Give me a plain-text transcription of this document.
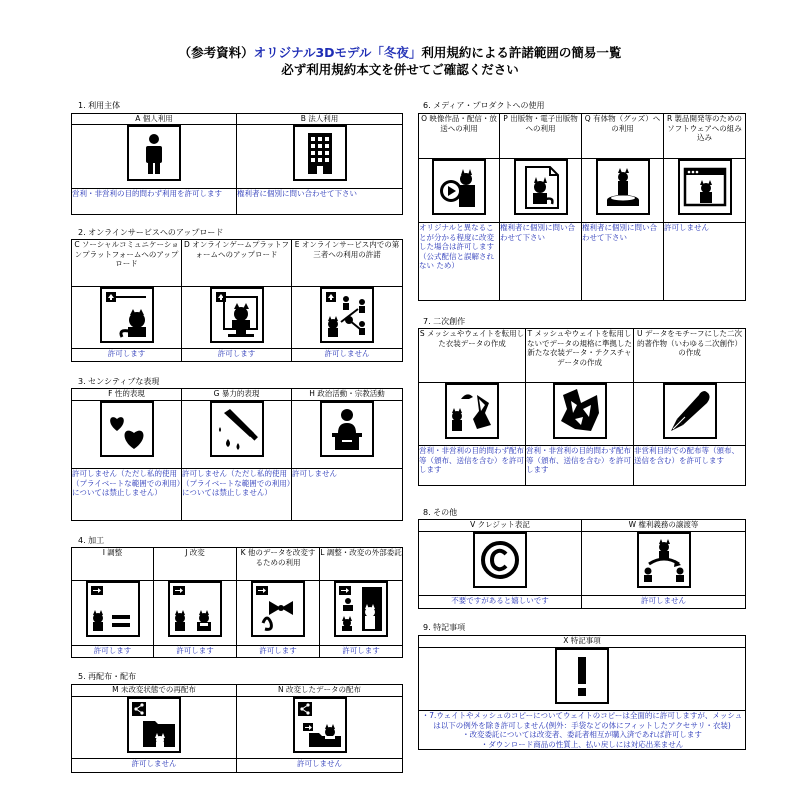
（参考資料）オリジナル3Dモデル「冬夜」利用規約による許諾範囲の簡易一覧
必ず利用規約本文を併せてご確認ください
1. 利用主体
A 個人利用	B 法人利用

営利・非営利の目的問わず利用を許可します	権利者に個別に問い合わせて下さい
2. オンラインサービスへのアップロード
C ソーシャルコミュニケーションプラットフォームへのアップロード	D オンラインゲームプラットフォームへのアップロード	E オンラインサービス内での第三者への利用の許諾

許可します	許可します	許可しません
3. センシティブな表現
F 性的表現	G 暴力的表現	H 政治活動・宗教活動

許可しません（ただし私的使用（プライベートな範囲での利用）については禁止しません）	許可しません（ただし私的使用（プライベートな範囲での利用）については禁止しません）	許可しません
4. 加工
I 調整	J 改変	K 他のデータを改変するための利用	L 調整・改変の外部委託

許可します	許可します	許可します	許可します
5. 再配布・配布
M 未改変状態での再配布	N 改変したデータの配布

許可しません	許可しません
6. メディア・プロダクトへの使用
O 映像作品・配信・放送への利用	P 出版物・電子出版物への利用	Q 有体物（グッズ）への利用	R 製品開発等のためのソフトウェアへの組み込み

オリジナルと異なることが分かる程度に改変した場合は許可します（公式配信と誤解されない ため）	権利者に個別に問い合わせて下さい	権利者に個別に問い合わせて下さい	許可しません
7. 二次創作
S メッシュやウェイトを転用した衣装データの作成	T メッシュやウェイトを転用しないでデータの規格に準拠した新たな衣装データ・テクスチャデータの作成	U データをモチーフにした二次的著作物（いわゆる二次創作）の作成

営利・非営利の目的問わず配布等（頒布、送信を含む）を許可します	営利・非営利の目的問わず配布等（頒布、送信を含む）を許可します	非営利目的での配布等（頒布、送信を含む）を許可します
8. その他
V クレジット表記	W 権利義務の譲渡等

不要ですがあると嬉しいです	許可しません
9. 特記事項
X 特記事項

・7.ウェイトやメッシュのコピーについてウェイトのコピーは全面的に許可しますが、メッシュは以下の例外を除き許可しません(例外：手袋などの体にフィットしたアクセサリ・衣装)
・改変委託については改変者、委託者相互が購入済であれば許可します
・ダウンロード商品の性質上、払い戻しには対応出来ません
